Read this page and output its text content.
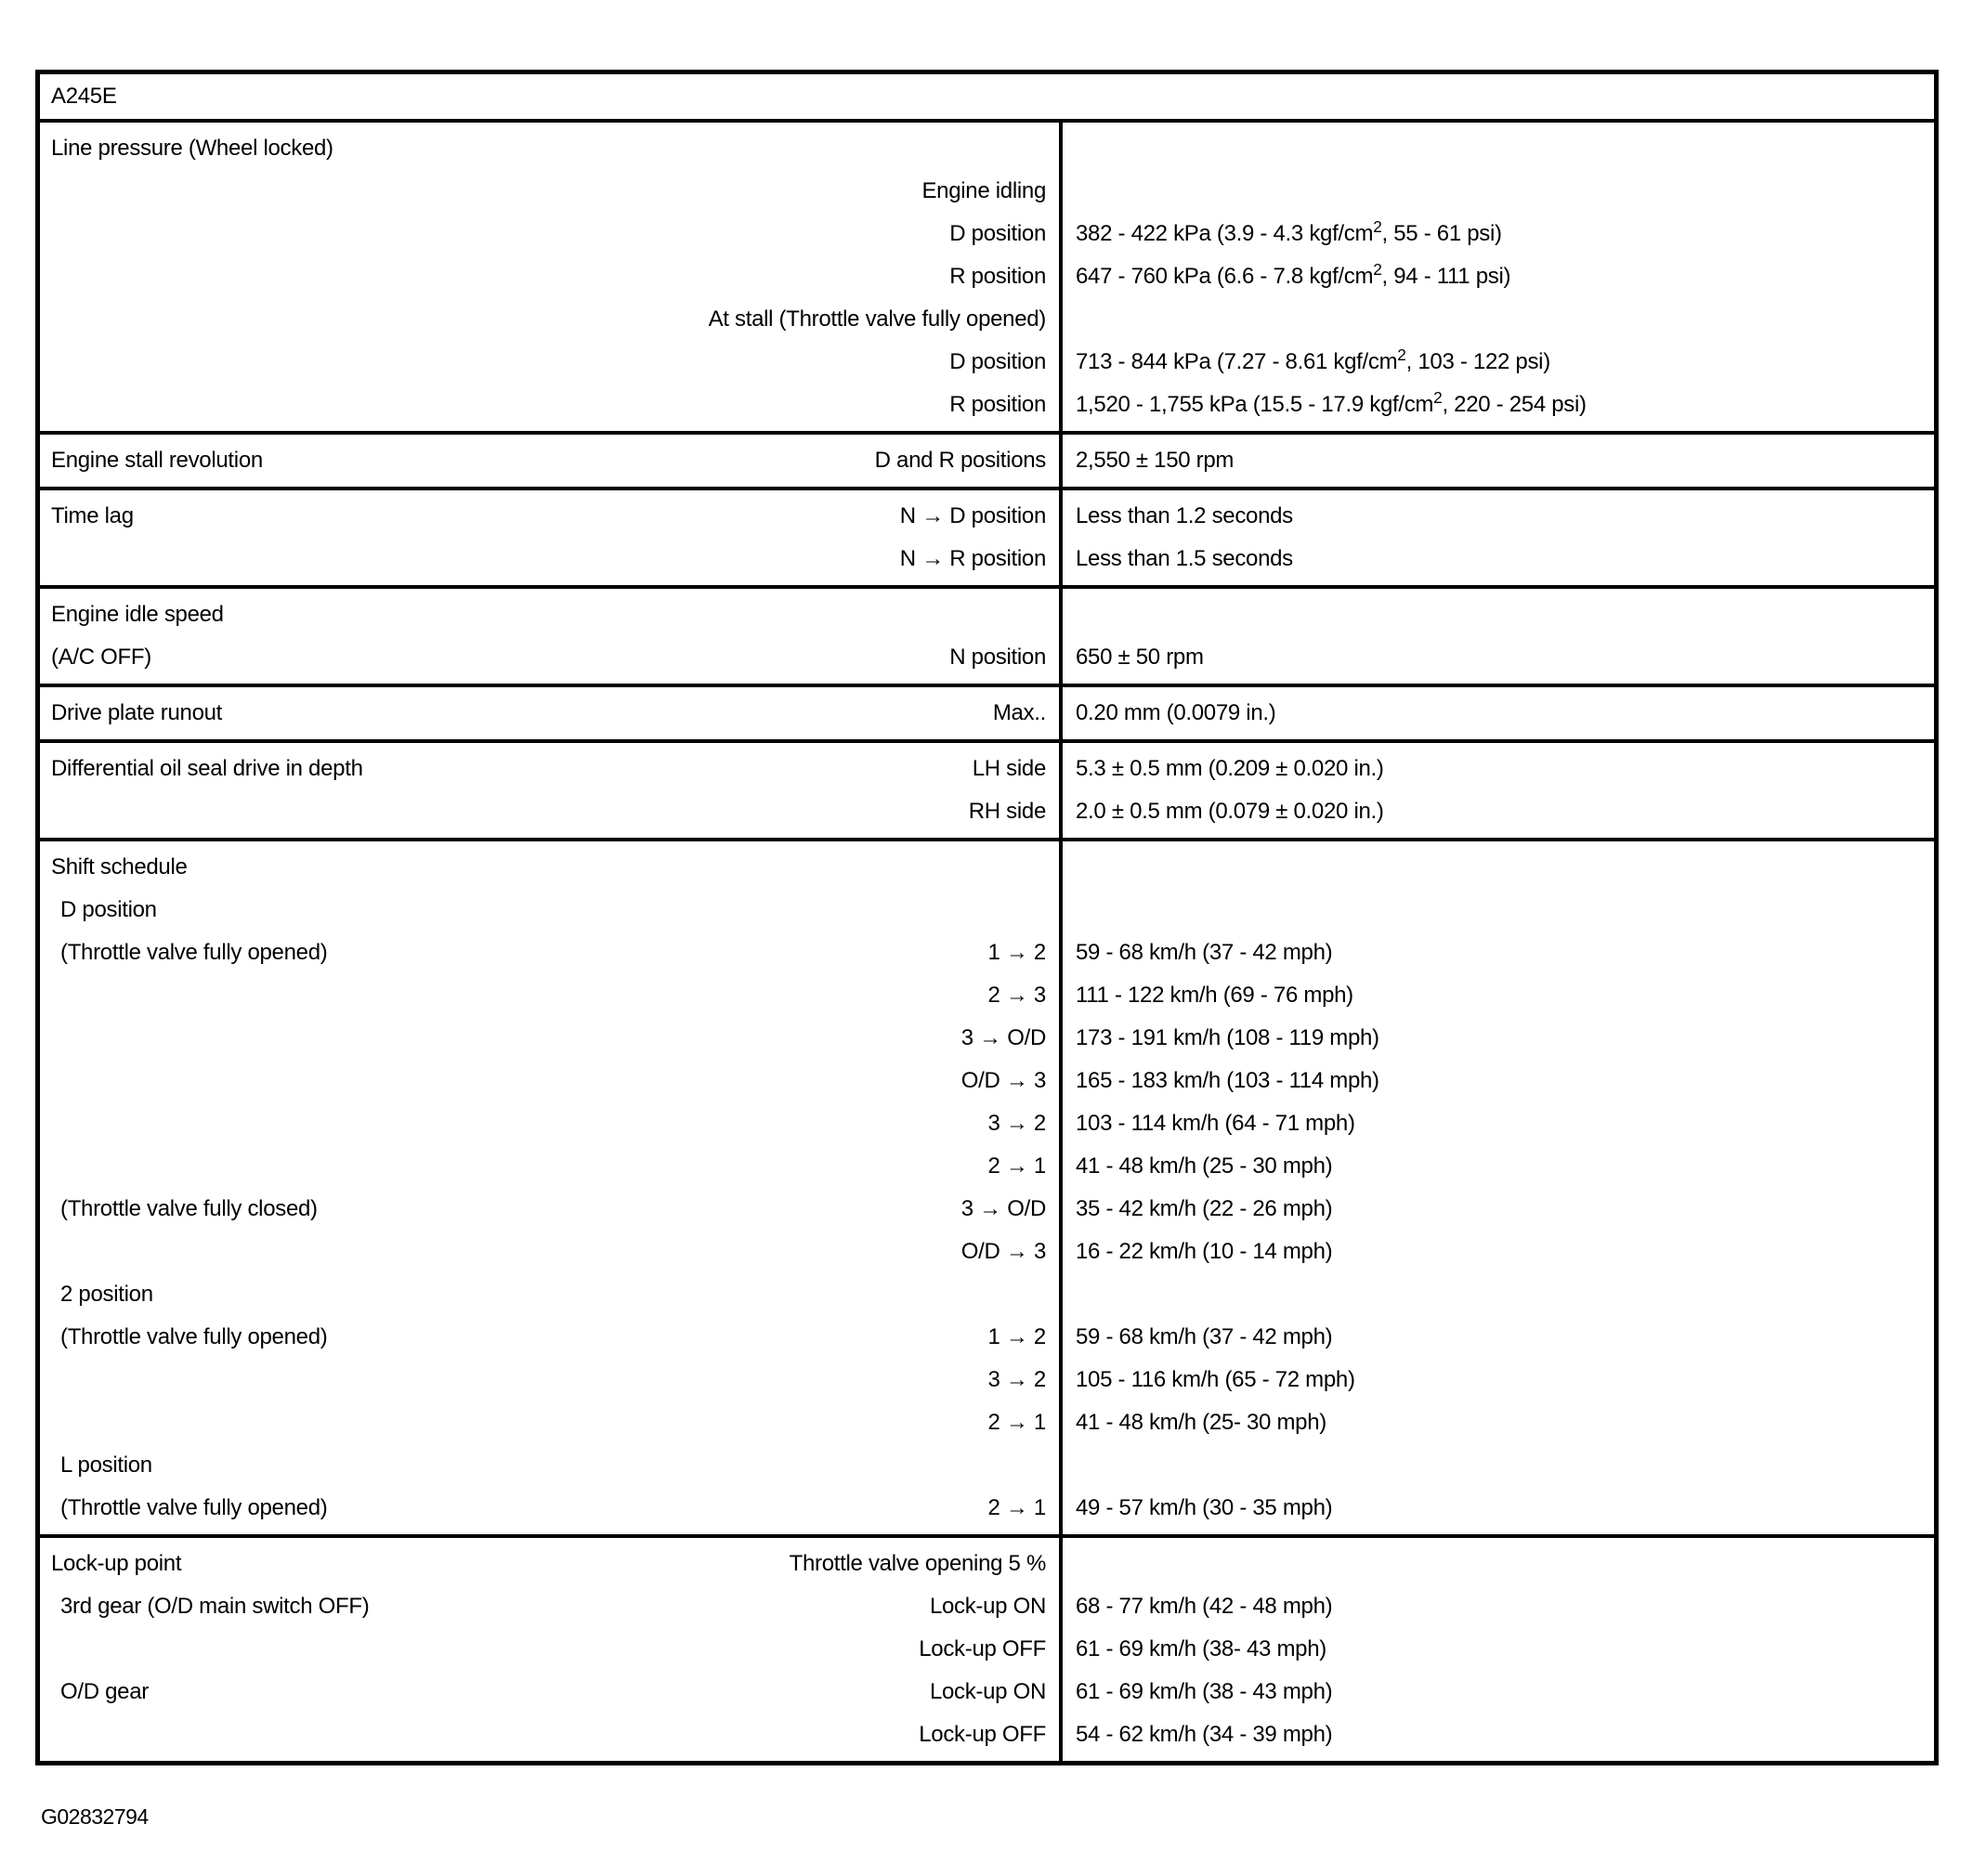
A245E
Line pressure (Wheel locked)
Engine idling
D position	382 - 422 kPa (3.9 - 4.3 kgf/$cm^2$, 55 - 61 psi)
R position	647 - 760 kPa (6.6 - 7.8 kgf/$cm^2$, 94 - 111 psi)
At stall (Throttle valve fully opened)
D position	713 - 844 kPa (7.27 - 8.61 kgf/$cm^2$, 103 - 122 psi)
R position	1,520 - 1,755 kPa (15.5 - 17.9 kgf/$cm^2$, 220 - 254 psi)
Engine stall revolution	D and R positions	2,550 ± 150 rpm
Time lag	N → D position	Less than 1.2 seconds
N → R position	Less than 1.5 seconds
Engine idle speed
(A/C OFF)	N position	650 ± 50 rpm
Drive plate runout	Max..	0.20 mm (0.0079 in.)
Differential oil seal drive in depth	LH side	5.3 ± 0.5 mm (0.209 ± 0.020 in.)
RH side	2.0 ± 0.5 mm (0.079 ± 0.020 in.)
Shift schedule
D position
(Throttle valve fully opened)	1 → 2	59 - 68 km/h (37 - 42 mph)
2 → 3	111 - 122 km/h (69 - 76 mph)
3 → O/D	173 - 191 km/h (108 - 119 mph)
O/D → 3	165 - 183 km/h (103 - 114 mph)
3 → 2	103 - 114 km/h (64 - 71 mph)
2 → 1	41 - 48 km/h (25 - 30 mph)
(Throttle valve fully closed)	3 → O/D	35 - 42 km/h (22 - 26 mph)
O/D → 3	16 - 22 km/h (10 - 14 mph)
2 position
(Throttle valve fully opened)	1 → 2	59 - 68 km/h (37 - 42 mph)
3 → 2	105 - 116 km/h (65 - 72 mph)
2 → 1	41 - 48 km/h (25- 30 mph)
L position
(Throttle valve fully opened)	2 → 1	49 - 57 km/h (30 - 35 mph)
Lock-up point	Throttle valve opening 5 %
3rd gear (O/D main switch OFF)	Lock-up ON	68 - 77 km/h (42 - 48 mph)
Lock-up OFF	61 - 69 km/h (38- 43 mph)
O/D gear	Lock-up ON	61 - 69 km/h (38 - 43 mph)
Lock-up OFF	54 - 62 km/h (34 - 39 mph)
G02832794
